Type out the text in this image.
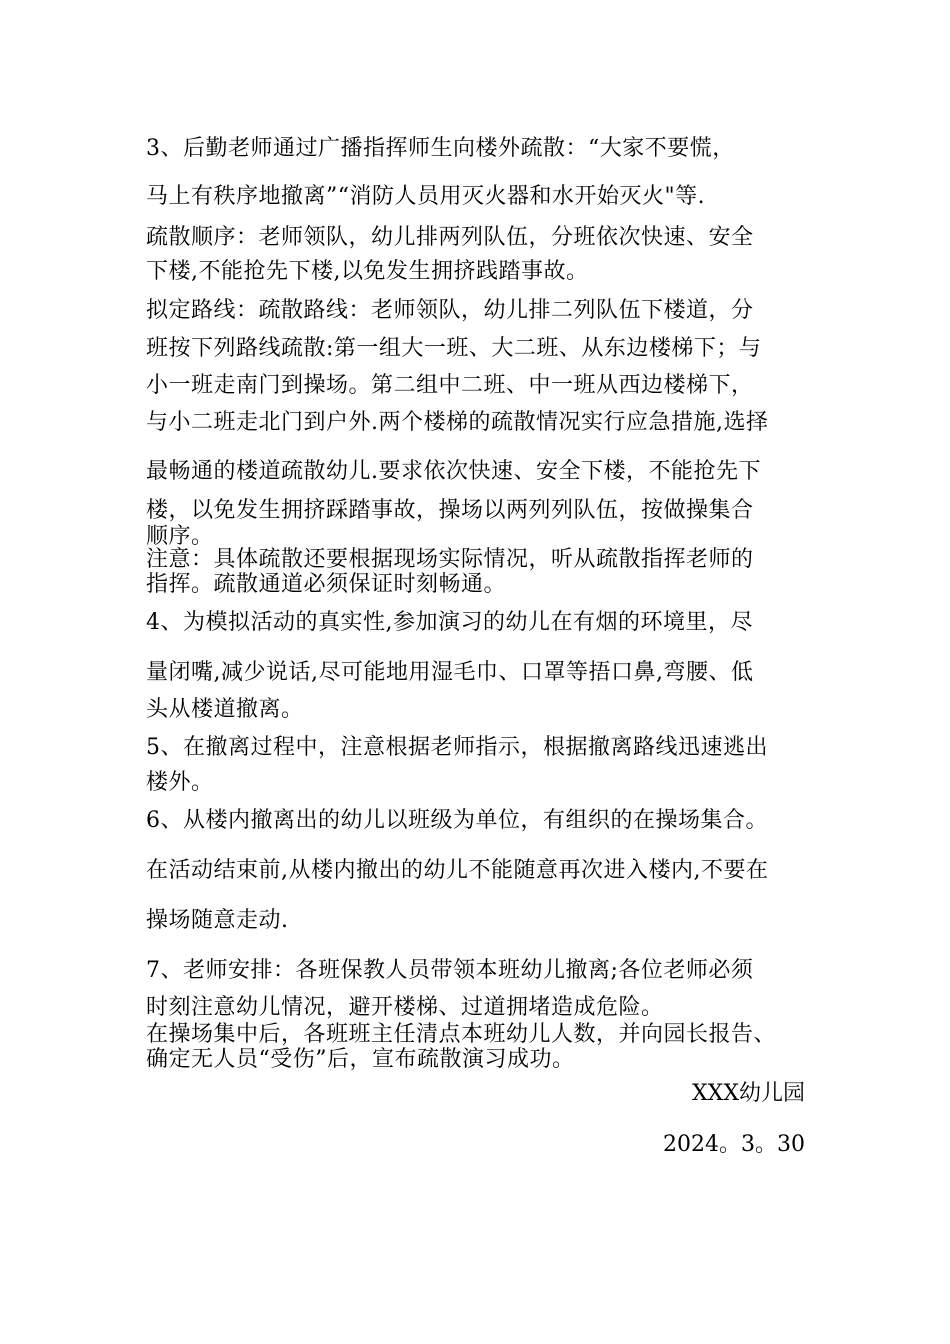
3、后勤老师通过广播指挥师生向楼外疏散：“大家不要慌，
马上有秩序地撤离”“消防人员用灭火器和水开始灭火"等.
疏散顺序：老师领队，幼儿排两列队伍，分班依次快速、安全
下楼,不能抢先下楼,以免发生拥挤践踏事故。
拟定路线：疏散路线：老师领队，幼儿排二列队伍下楼道，分
班按下列路线疏散:第一组大一班、大二班、从东边楼梯下；与
小一班走南门到操场。第二组中二班、中一班从西边楼梯下，
与小二班走北门到户外.两个楼梯的疏散情况实行应急措施,选择
最畅通的楼道疏散幼儿.要求依次快速、安全下楼，不能抢先下
楼，以免发生拥挤踩踏事故，操场以两列列队伍，按做操集合
顺序。
注意：具体疏散还要根据现场实际情况，听从疏散指挥老师的
指挥。疏散通道必须保证时刻畅通。
4、为模拟活动的真实性,参加演习的幼儿在有烟的环境里，尽
量闭嘴,减少说话,尽可能地用湿毛巾、口罩等捂口鼻,弯腰、低
头从楼道撤离。
5、在撤离过程中，注意根据老师指示，根据撤离路线迅速逃出
楼外。
6、从楼内撤离出的幼儿以班级为单位，有组织的在操场集合。
在活动结束前,从楼内撤出的幼儿不能随意再次进入楼内,不要在
操场随意走动.
7、老师安排：各班保教人员带领本班幼儿撤离;各位老师必须
时刻注意幼儿情况，避开楼梯、过道拥堵造成危险。
在操场集中后，各班班主任清点本班幼儿人数，并向园长报告、
确定无人员“受伤”后，宣布疏散演习成功。
XXX幼儿园
2024。3。30
